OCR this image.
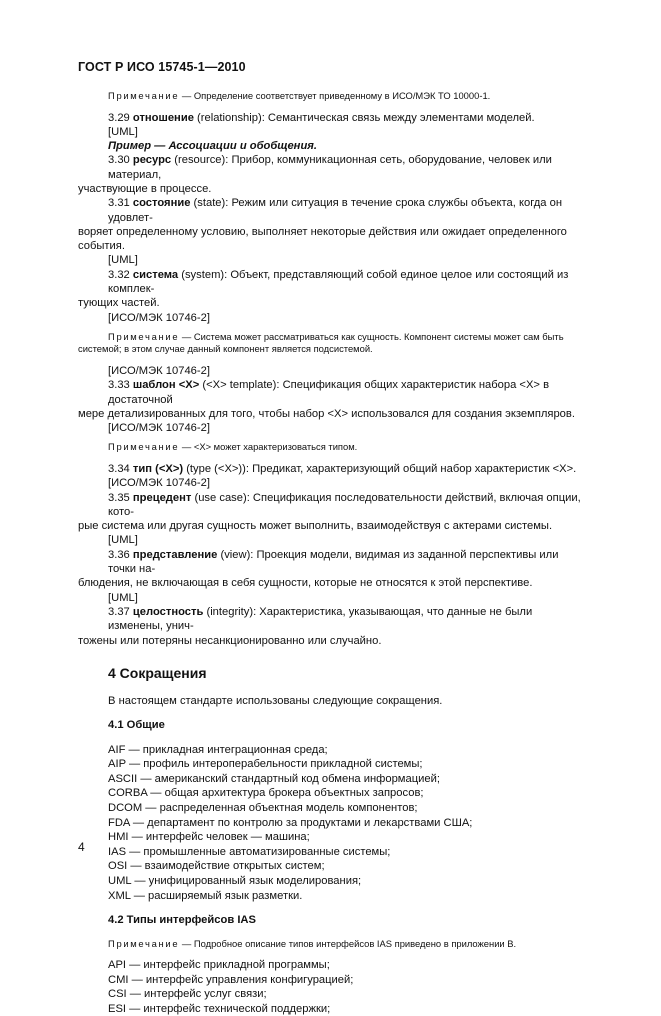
ГОСТ Р ИСО 15745-1—2010
Примечание — Определение соответствует приведенному в ИСО/МЭК ТО 10000-1.
3.29 отношение (relationship): Семантическая связь между элементами моделей.
[UML]
Пример — Ассоциации и обобщения.
3.30 ресурс (resource): Прибор, коммуникационная сеть, оборудование, человек или материал,
участвующие в процессе.
3.31 состояние (state): Режим или ситуация в течение срока службы объекта, когда он удовлет-
воряет определенному условию, выполняет некоторые действия или ожидает определенного события.
[UML]
3.32 система (system): Объект, представляющий собой единое целое или состоящий из комплек-
тующих частей.
[ИСО/МЭК 10746-2]
Примечание — Система может рассматриваться как сущность. Компонент системы может сам быть системой; в этом случае данный компонент является подсистемой.
[ИСО/МЭК 10746-2]
3.33 шаблон <X> (<X> template): Спецификация общих характеристик набора <X> в достаточной
мере детализированных для того, чтобы набор <X> использовался для создания экземпляров.
[ИСО/МЭК 10746-2]
Примечание — <X> может характеризоваться типом.
3.34 тип (<X>) (type (<X>)): Предикат, характеризующий общий набор характеристик <X>.
[ИСО/МЭК 10746-2]
3.35 прецедент (use case): Спецификация последовательности действий, включая опции, кото-
рые система или другая сущность может выполнить, взаимодействуя с актерами системы.
[UML]
3.36 представление (view): Проекция модели, видимая из заданной перспективы или точки на-
блюдения, не включающая в себя сущности, которые не относятся к этой перспективе.
[UML]
3.37 целостность (integrity): Характеристика, указывающая, что данные не были изменены, унич-
тожены или потеряны несанкционированно или случайно.
4 Сокращения
В настоящем стандарте использованы следующие сокращения.
4.1 Общие
AIF — прикладная интеграционная среда;
AIP — профиль интероперабельности прикладной системы;
ASCII — американский стандартный код обмена информацией;
CORBA — общая архитектура брокера объектных запросов;
DCOM — распределенная объектная модель компонентов;
FDA — департамент по контролю за продуктами и лекарствами США;
HMI — интерфейс человек — машина;
IAS — промышленные автоматизированные системы;
OSI — взаимодействие открытых систем;
UML — унифицированный язык моделирования;
XML — расширяемый язык разметки.
4.2 Типы интерфейсов IAS
Примечание — Подробное описание типов интерфейсов IAS приведено в приложении В.
API — интерфейс прикладной программы;
CMI — интерфейс управления конфигурацией;
CSI — интерфейс услуг связи;
ESI — интерфейс технической поддержки;
4
